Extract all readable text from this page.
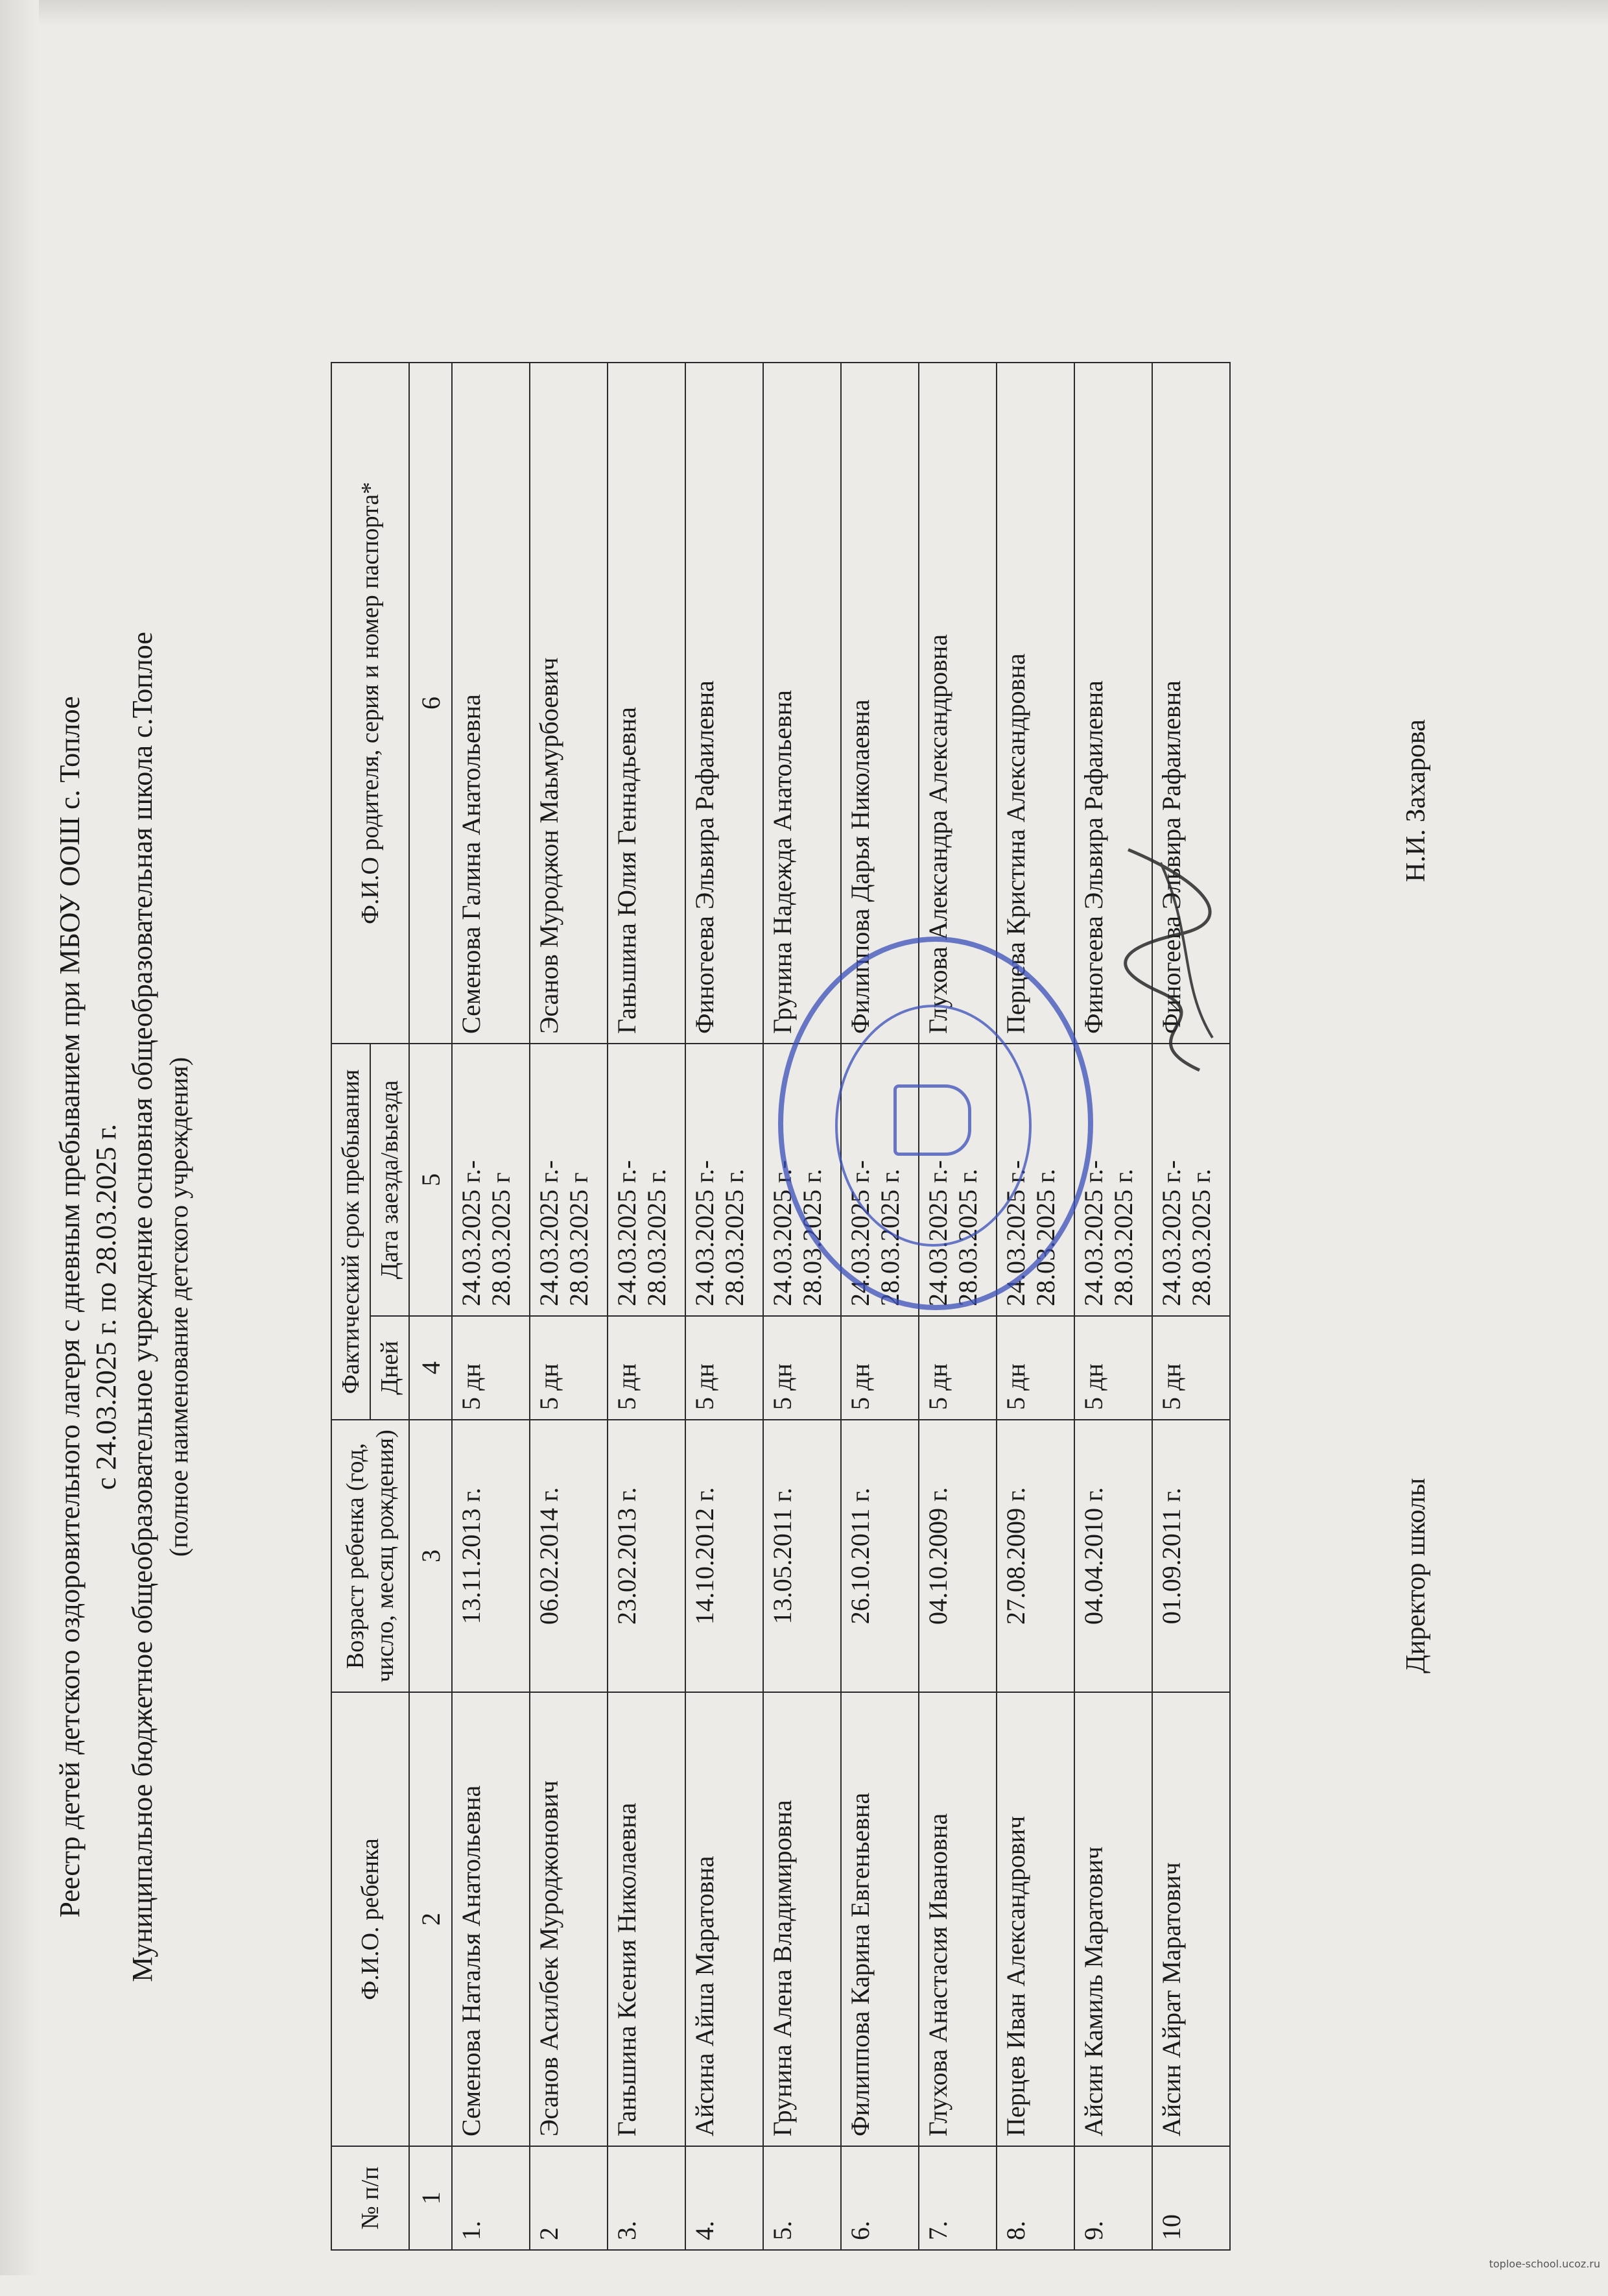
Реестр детей детского оздоровительного лагеря с дневным пребыванием при МБОУ ООШ с. Топлое с 24.03.2025 г. по 28.03.2025 г. Муниципальное бюджетное общеобразовательное учреждение основная общеобразовательная школа с.Топлое (полное наименование детского учреждения)
№ п/п	Ф.И.О. ребенка	Возраст ребенка (год, число, месяц рождения)	Фактический срок пребывания		Ф.И.О родителя, серия и номер паспорта*
			Дней	Дата заезда/выезда	
1	2	3	4	5	6
1.	Семенова Наталья Анатольевна	13.11.2013 г.	5 дн	24.03.2025 г.- 28.03.2025 г	Семенова Галина Анатольевна
2	Эсанов Асилбек Муроджонович	06.02.2014 г.	5 дн	24.03.2025 г.- 28.03.2025 г	Эсанов Муроджон Маьмурбоевич
3.	Ганьшина Ксения Николаевна	23.02.2013 г.	5 дн	24.03.2025 г.- 28.03.2025 г.	Ганьшина Юлия Геннадьевна
4.	Айсина Айша Маратовна	14.10.2012 г.	5 дн	24.03.2025 г.- 28.03.2025 г.	Финогеева Эльвира Рафаилевна
5.	Грунина Алена Владимировна	13.05.2011 г.	5 дн	24.03.2025 г.- 28.03.2025 г.	Грунина Надежда Анатольевна
6.	Филиппова Карина Евгеньевна	26.10.2011 г.	5 дн	24.03.2025 г.- 28.03.2025 г.	Филиппова Дарья Николаевна
7.	Глухова Анастасия Ивановна	04.10.2009 г.	5 дн	24.03.2025 г.- 28.03.2025 г.	Глухова Александра Александровна
8.	Перцев Иван Александрович	27.08.2009 г.	5 дн	24.03.2025 г.- 28.03.2025 г.	Перцева Кристина Александровна
9.	Айсин Камиль Маратович	04.04.2010 г.	5 дн	24.03.2025 г.- 28.03.2025 г.	Финогеева Эльвира Рафаилевна
10	Айсин Айрат Маратович	01.09.2011 г.	5 дн	24.03.2025 г.- 28.03.2025 г.	Финогеева Эльвира Рафаилевна
Директор школы
Н.И. Захарова
toploe-school.ucoz.ru
